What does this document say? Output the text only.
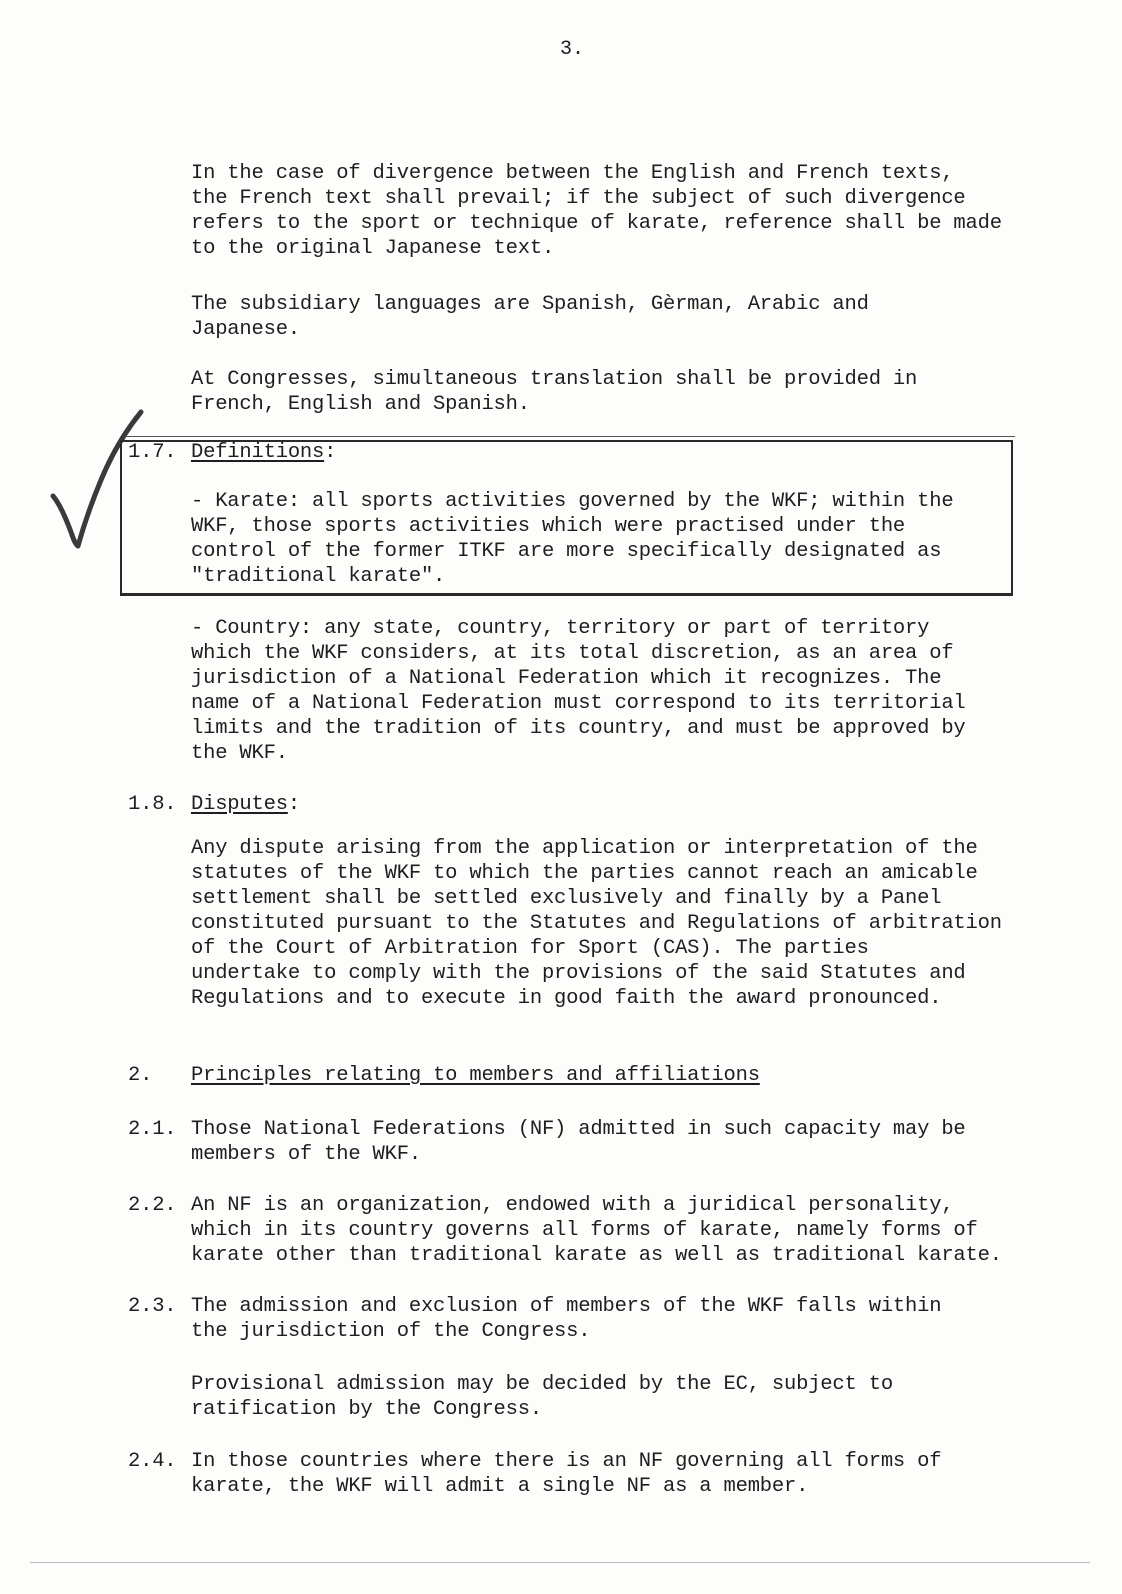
3.

In the case of divergence between the English and French texts,
the French text shall prevail; if the subject of such divergence
refers to the sport or technique of karate, reference shall be made
to the original Japanese text.

The subsidiary languages are Spanish, Gèrman, Arabic and
Japanese.

At Congresses, simultaneous translation shall be provided in
French, English and Spanish.

1.7. Definitions:

- Karate: all sports activities governed by the WKF; within the
WKF, those sports activities which were practised under the
control of the former ITKF are more specifically designated as
"traditional karate".

- Country: any state, country, territory or part of territory
which the WKF considers, at its total discretion, as an area of
jurisdiction of a National Federation which it recognizes. The
name of a National Federation must correspond to its territorial
limits and the tradition of its country, and must be approved by
the WKF.

1.8. Disputes:

Any dispute arising from the application or interpretation of the
statutes of the WKF to which the parties cannot reach an amicable
settlement shall be settled exclusively and finally by a Panel
constituted pursuant to the Statutes and Regulations of arbitration
of the Court of Arbitration for Sport (CAS). The parties
undertake to comply with the provisions of the said Statutes and
Regulations and to execute in good faith the award pronounced.

2. Principles relating to members and affiliations
2.1. Those National Federations (NF) admitted in such capacity may be
members of the WKF.

2.2. An NF is an organization, endowed with a juridical personality,
which in its country governs all forms of karate, namely forms of
karate other than traditional karate as well as traditional karate.

2.3. The admission and exclusion of members of the WKF falls within
the jurisdiction of the Congress.

Provisional admission may be decided by the EC, subject to
ratification by the Congress.

2.4. In those countries where there is an NF governing all forms of
karate, the WKF will admit a single NF as a member.
